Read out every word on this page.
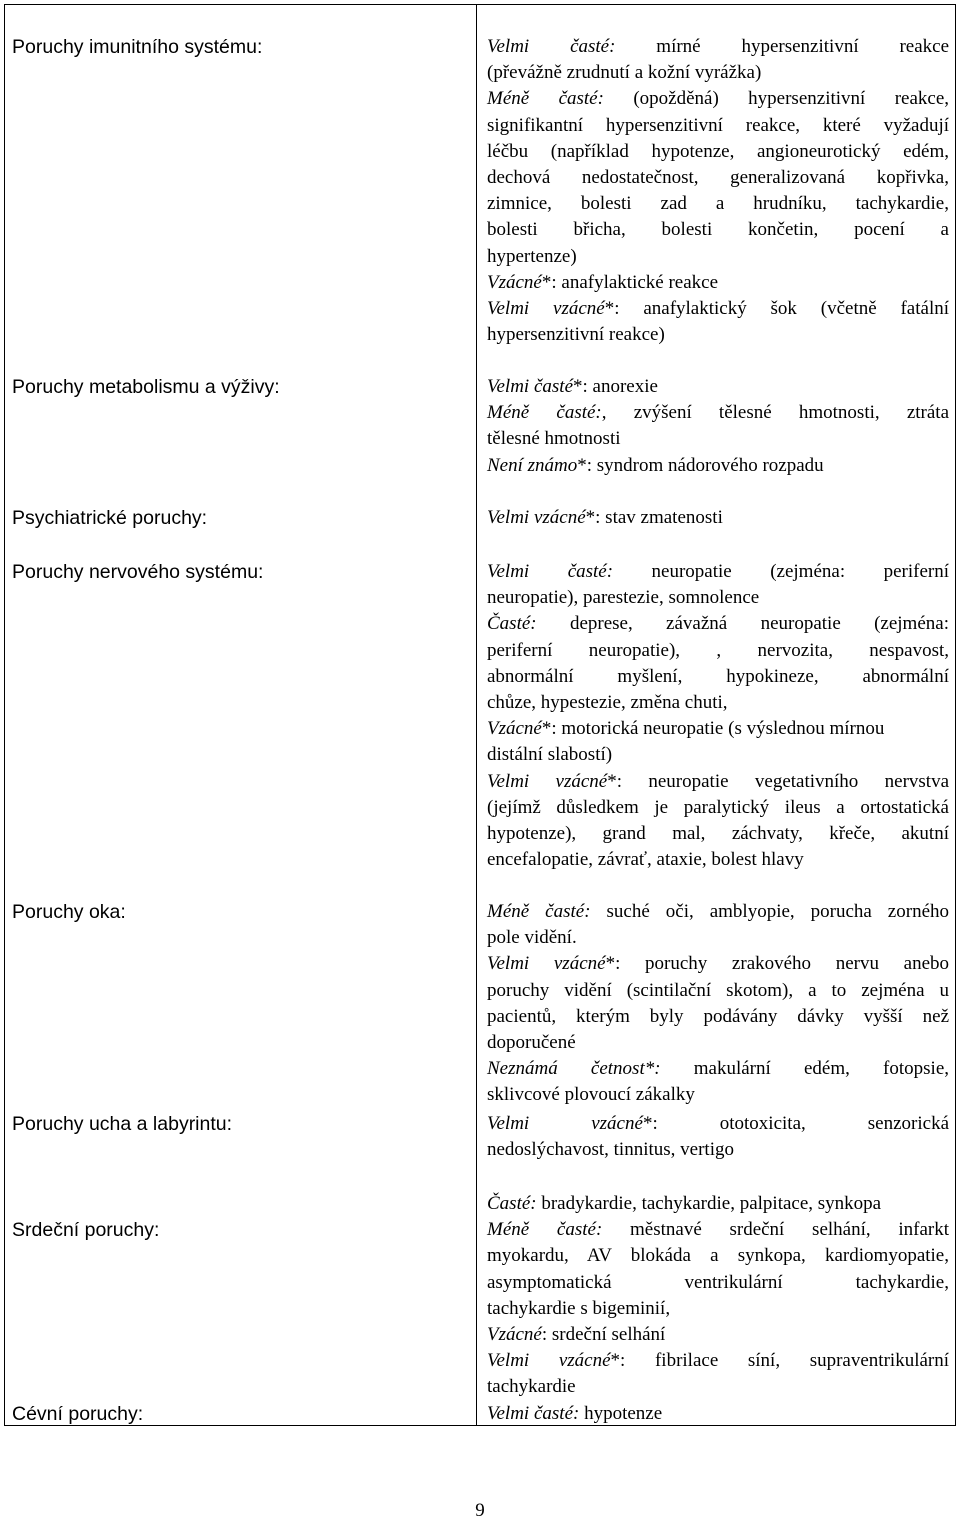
Poruchy imunitního systému:	Velmi časté: mírné hypersenzitivní reakce
(převážně zrudnutí a kožní vyrážka)
Méně časté: (opožděná) hypersenzitivní reakce,
signifikantní hypersenzitivní reakce, které vyžadují
léčbu (například hypotenze, angioneurotický edém,
dechová nedostatečnost, generalizovaná kopřivka,
zimnice, bolesti zad a hrudníku, tachykardie,
bolesti břicha, bolesti končetin, pocení a
hypertenze)
Vzácné*: anafylaktické reakce
Velmi vzácné*: anafylaktický šok (včetně fatální
hypersenzitivní reakce)
Poruchy metabolismu a výživy:	Velmi časté*: anorexie
Méně časté:, zvýšení tělesné hmotnosti, ztráta
tělesné hmotnosti
Není známo*: syndrom nádorového rozpadu
Psychiatrické poruchy:	Velmi vzácné*: stav zmatenosti
Poruchy nervového systému:	Velmi časté: neuropatie (zejména: periferní
neuropatie), parestezie, somnolence
Časté: deprese, závažná neuropatie (zejména:
periferní neuropatie), , nervozita, nespavost,
abnormální myšlení, hypokineze, abnormální
chůze, hypestezie, změna chuti,
Vzácné*: motorická neuropatie (s výslednou mírnou
distální slabostí)
Velmi vzácné*: neuropatie vegetativního nervstva
(jejímž důsledkem je paralytický ileus a ortostatická
hypotenze), grand mal, záchvaty, křeče, akutní
encefalopatie, závrať, ataxie, bolest hlavy
Poruchy oka:	Méně časté: suché oči, amblyopie, porucha zorného
pole vidění.
Velmi vzácné*: poruchy zrakového nervu anebo
poruchy vidění (scintilační skotom), a to zejména u
pacientů, kterým byly podávány dávky vyšší než
doporučené
Neznámá četnost*: makulární edém, fotopsie,
sklivcové plovoucí zákalky
Poruchy ucha a labyrintu:	Velmi vzácné*: ototoxicita, senzorická
nedoslýchavost, tinnitus, vertigo
Srdeční poruchy:
Časté: bradykardie, tachykardie, palpitace, synkopa
Méně časté: městnavé srdeční selhání, infarkt
myokardu, AV blokáda a synkopa, kardiomyopatie,
asymptomatická ventrikulární tachykardie,
tachykardie s bigeminií,
Vzácné: srdeční selhání
Velmi vzácné*: fibrilace síní, supraventrikulární
tachykardie
Cévní poruchy:	Velmi časté: hypotenze
9
